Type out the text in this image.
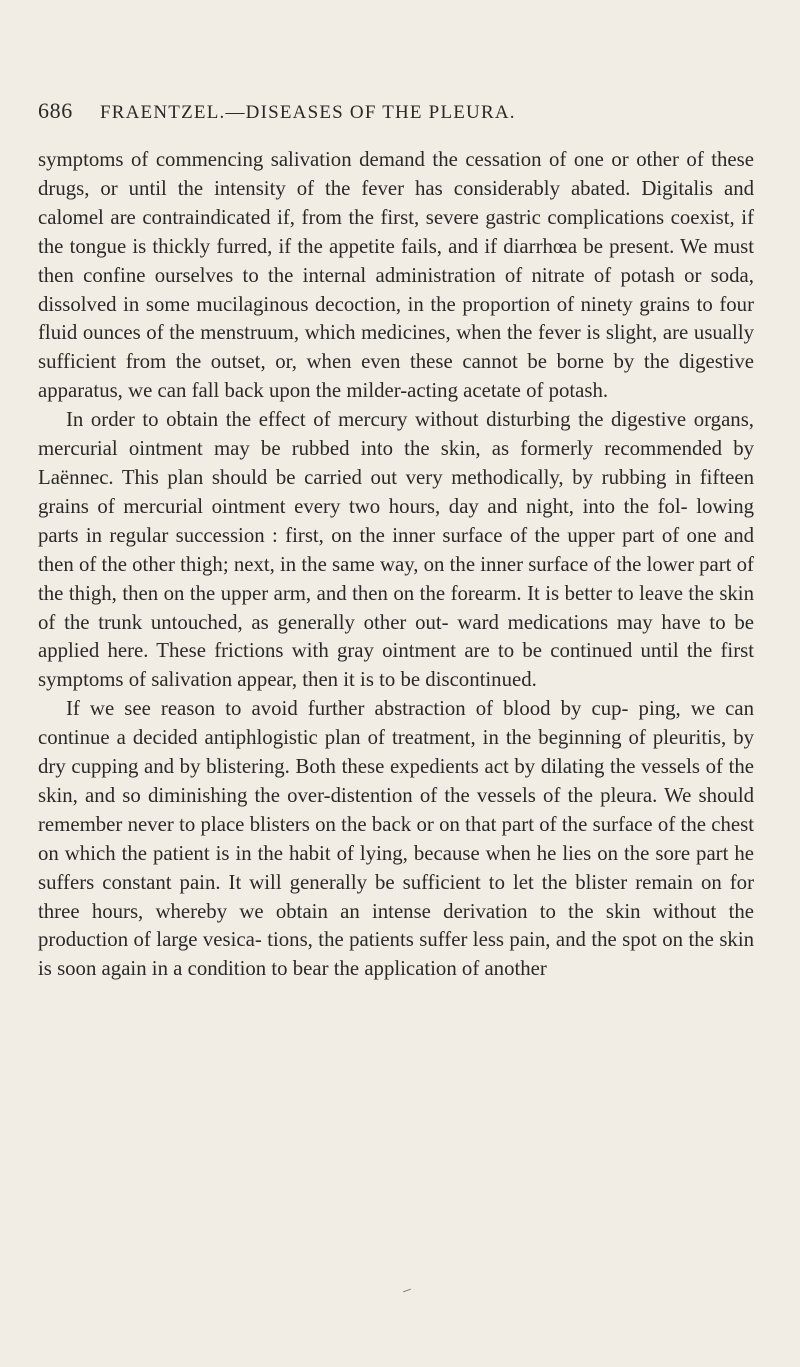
686	FRAENTZEL.—DISEASES OF THE PLEURA.

symptoms of commencing salivation demand the cessation of one or other of these drugs, or until the intensity of the fever has considerably abated. Digitalis and calomel are contraindicated if, from the first, severe gastric complications coexist, if the tongue is thickly furred, if the appetite fails, and if diarrhœa be present. We must then confine ourselves to the internal administration of nitrate of potash or soda, dissolved in some mucilaginous decoction, in the proportion of ninety grains to four fluid ounces of the menstruum, which medicines, when the fever is slight, are usually sufficient from the outset, or, when even these cannot be borne by the digestive apparatus, we can fall back upon the milder-acting acetate of potash.

In order to obtain the effect of mercury without disturbing the digestive organs, mercurial ointment may be rubbed into the skin, as formerly recommended by Laënnec. This plan should be carried out very methodically, by rubbing in fifteen grains of mercurial ointment every two hours, day and night, into the fol- lowing parts in regular succession : first, on the inner surface of the upper part of one and then of the other thigh; next, in the same way, on the inner surface of the lower part of the thigh, then on the upper arm, and then on the forearm. It is better to leave the skin of the trunk untouched, as generally other out- ward medications may have to be applied here. These frictions with gray ointment are to be continued until the first symptoms of salivation appear, then it is to be discontinued.

If we see reason to avoid further abstraction of blood by cup- ping, we can continue a decided antiphlogistic plan of treatment, in the beginning of pleuritis, by dry cupping and by blistering. Both these expedients act by dilating the vessels of the skin, and so diminishing the over-distention of the vessels of the pleura. We should remember never to place blisters on the back or on that part of the surface of the chest on which the patient is in the habit of lying, because when he lies on the sore part he suffers constant pain. It will generally be sufficient to let the blister remain on for three hours, whereby we obtain an intense derivation to the skin without the production of large vesica- tions, the patients suffer less pain, and the spot on the skin is soon again in a condition to bear the application of another
